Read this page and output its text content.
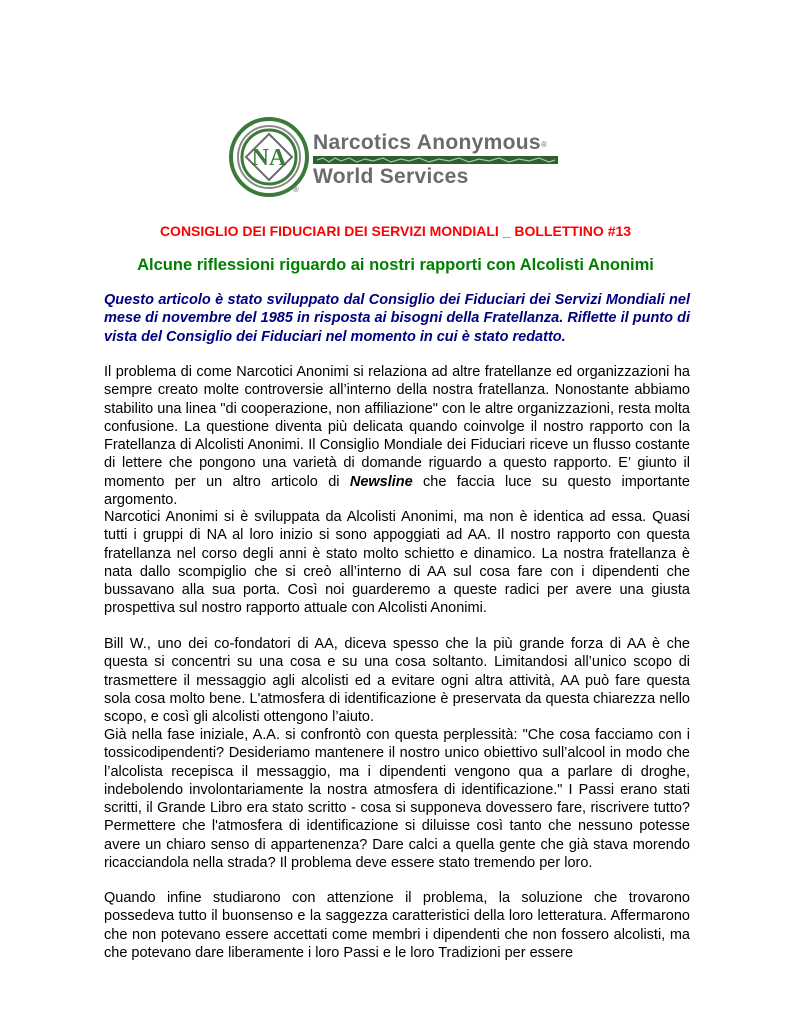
NA
Narcotics Anonymous ®
World Services
®
CONSIGLIO DEI FIDUCIARI DEI SERVIZI MONDIALI _ BOLLETTINO #13
Alcune riflessioni riguardo ai nostri rapporti con Alcolisti Anonimi
Questo articolo è stato sviluppato dal Consiglio dei Fiduciari dei Servizi Mondiali nel mese di novembre del 1985 in risposta ai bisogni della Fratellanza. Riflette il punto di vista del Consiglio dei Fiduciari nel momento in cui è stato redatto.
Il problema di come Narcotici Anonimi si relaziona ad altre fratellanze ed organizzazioni ha sempre creato molte controversie all’interno della nostra fratellanza. Nonostante abbiamo stabilito una linea "di cooperazione, non affiliazione" con le altre organizzazioni, resta molta confusione. La questione diventa più delicata quando coinvolge il nostro rapporto con la Fratellanza di Alcolisti Anonimi. Il Consiglio Mondiale dei Fiduciari riceve un flusso costante di lettere che pongono una varietà di domande riguardo a questo rapporto. E’ giunto il momento per un altro articolo di Newsline che faccia luce su questo importante argomento.
Narcotici Anonimi si è sviluppata da Alcolisti Anonimi, ma non è identica ad essa. Quasi tutti i gruppi di NA al loro inizio si sono appoggiati ad AA. Il nostro rapporto con questa fratellanza nel corso degli anni è stato molto schietto e dinamico. La nostra fratellanza è nata dallo scompiglio che si creò all’interno di AA sul cosa fare con i dipendenti che bussavano alla sua porta. Così noi guarderemo a queste radici per avere una giusta prospettiva sul nostro rapporto attuale con Alcolisti Anonimi.
Bill W., uno dei co-fondatori di AA, diceva spesso che la più grande forza di AA è che questa si concentri su una cosa e su una cosa soltanto. Limitandosi all’unico scopo di trasmettere il messaggio agli alcolisti ed a evitare ogni altra attività, AA può fare questa sola cosa molto bene. L'atmosfera di identificazione è preservata da questa chiarezza nello scopo, e così gli alcolisti ottengono l’aiuto.
Già nella fase iniziale, A.A. si confrontò con questa perplessità: "Che cosa facciamo con i tossicodipendenti? Desideriamo mantenere il nostro unico obiettivo sull’alcool in modo che l’alcolista recepisca il messaggio, ma i dipendenti vengono qua a parlare di droghe, indebolendo involontariamente la nostra atmosfera di identificazione." I Passi erano stati scritti, il Grande Libro era stato scritto - cosa si supponeva dovessero fare, riscrivere tutto? Permettere che l'atmosfera di identificazione si diluisse così tanto che nessuno potesse avere un chiaro senso di appartenenza? Dare calci a quella gente che già stava morendo ricacciandola nella strada? Il problema deve essere stato tremendo per loro.
Quando infine studiarono con attenzione il problema, la soluzione che trovarono possedeva tutto il buonsenso e la saggezza caratteristici della loro letteratura. Affermarono che non potevano essere accettati come membri i dipendenti che non fossero alcolisti, ma che potevano dare liberamente i loro Passi e le loro Tradizioni per essere
